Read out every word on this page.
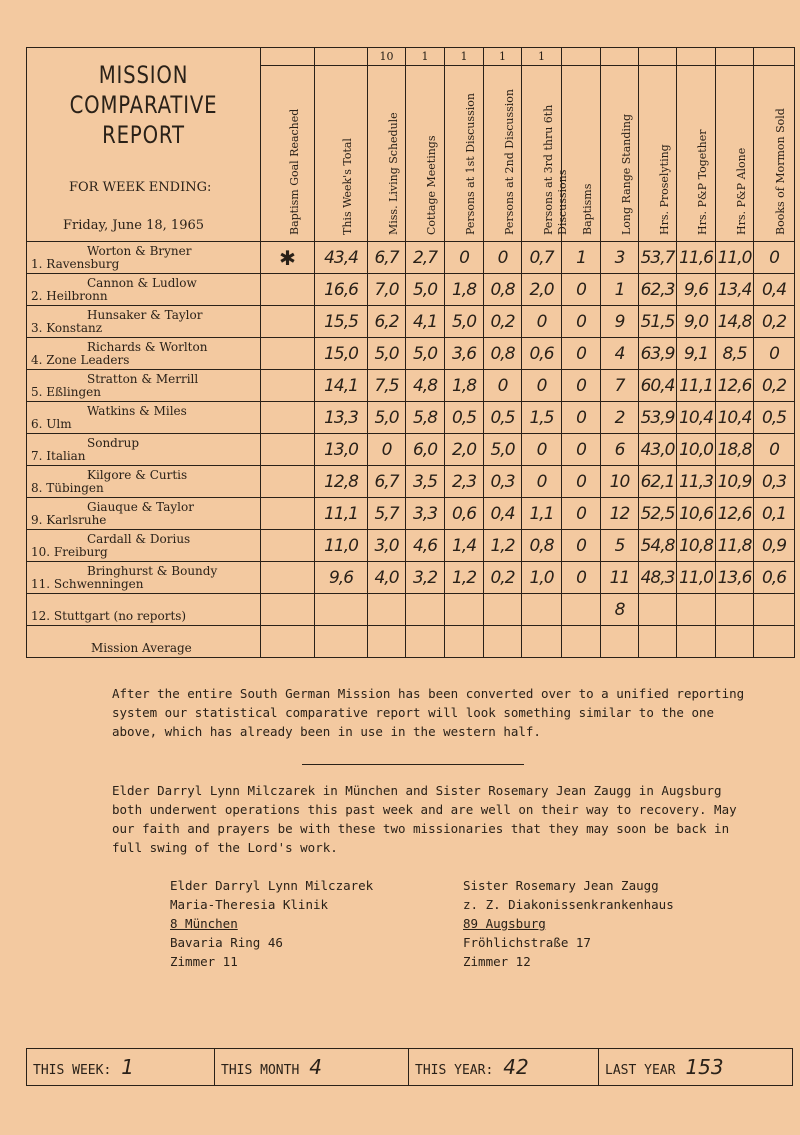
MISSION
COMPARATIVE
REPORT
FOR WEEK ENDING:
Friday, June 18, 1965			10	1	1	1	1						

	Baptism Goal Reached	This Week's Total	Miss. Living Schedule	Cottage Meetings	Persons at 1st Discussion	Persons at 2nd Discussion	Persons at 3rd thru 6th Discussions	Baptisms	Long Range Standing	Hrs. Proselyting	Hrs. P&P Together	Hrs. P&P Alone	Books of Mormon Sold

1. Ravensburg
Worton & Bryner	✱	43,4	6,7	2,7	0	0	0,7	1	3	53,7	11,6	11,0	0

2. Heilbronn
Cannon & Ludlow		16,6	7,0	5,0	1,8	0,8	2,0	0	1	62,3	9,6	13,4	0,4

3. Konstanz
Hunsaker & Taylor		15,5	6,2	4,1	5,0	0,2	0	0	9	51,5	9,0	14,8	0,2

4. Zone Leaders
Richards & Worlton		15,0	5,0	5,0	3,6	0,8	0,6	0	4	63,9	9,1	8,5	0

5. Eßlingen
Stratton & Merrill		14,1	7,5	4,8	1,8	0	0	0	7	60,4	11,1	12,6	0,2

6. Ulm
Watkins & Miles		13,3	5,0	5,8	0,5	0,5	1,5	0	2	53,9	10,4	10,4	0,5

7. Italian
Sondrup		13,0	0	6,0	2,0	5,0	0	0	6	43,0	10,0	18,8	0

8. Tübingen
Kilgore & Curtis		12,8	6,7	3,5	2,3	0,3	0	0	10	62,1	11,3	10,9	0,3

9. Karlsruhe
Giauque & Taylor		11,1	5,7	3,3	0,6	0,4	1,1	0	12	52,5	10,6	12,6	0,1

10. Freiburg
Cardall & Dorius		11,0	3,0	4,6	1,4	1,2	0,8	0	5	54,8	10,8	11,8	0,9

11. Schwenningen
Bringhurst & Boundy		9,6	4,0	3,2	1,2	0,2	1,0	0	11	48,3	11,0	13,6	0,6

12. Stuttgart (no reports)									8				

Mission Average													

After the entire South German Mission has been converted over to a unified reporting system our statistical comparative report will look something similar to the one above, which has already been in use in the western half.
Elder Darryl Lynn Milczarek in München and Sister Rosemary Jean Zaugg in Augsburg both underwent operations this past week and are well on their way to recovery. May our faith and prayers be with these two missionaries that they may soon be back in full swing of the Lord's work.
Elder Darryl Lynn Milczarek
Maria-Theresia Klinik
8 München
Bavaria Ring 46
Zimmer 11
Sister Rosemary Jean Zaugg
z. Z. Diakonissenkrankenhaus
89 Augsburg
Fröhlichstraße 17
Zimmer 12
THIS WEEK: 1	THIS MONTH 4	THIS YEAR: 42	LAST YEAR 153
